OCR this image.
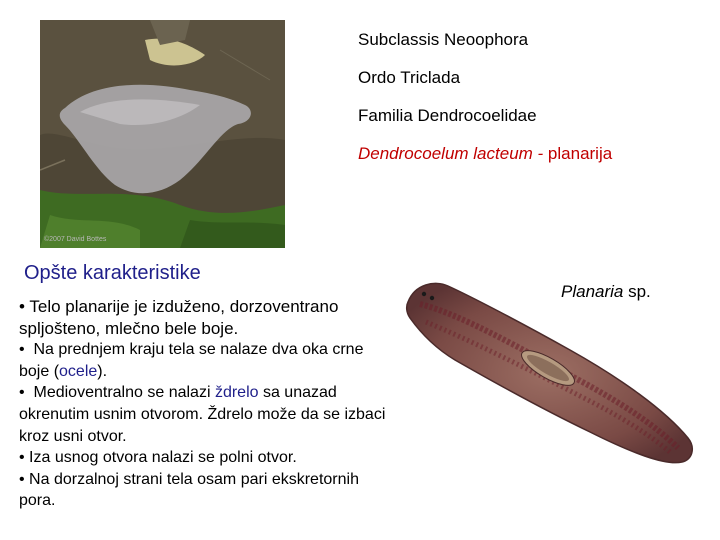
©2007 David Bottes
Subclassis Neoophora
Ordo Triclada
Familia Dendrocoelidae
Dendrocoelum lacteum - planarija
Opšte karakteristike

• Telo planarije je izduženo, dorzoventrano spljošteno, mlečno bele boje.

•  Na prednjem kraju tela se nalaze dva oka crne boje (ocele).

•  Medioventralno se nalazi ždrelo sa unazad okrenutim usnim otvorom. Ždrelo može da se izbaci kroz usni otvor.

• Iza usnog otvora nalazi se polni otvor.

• Na dorzalnoj strani tela osam pari ekskretornih pora.

Planaria sp.
